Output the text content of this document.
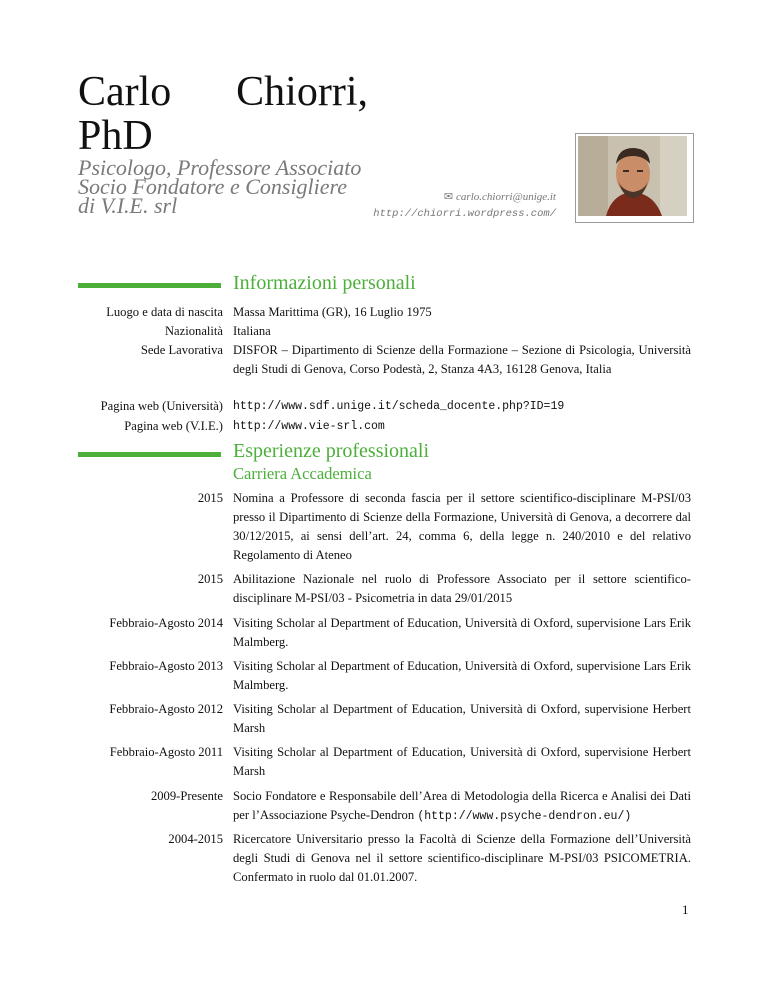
Carlo Chiorri,
PhD
Psicologo, Professore Associato
Socio Fondatore e Consigliere
di V.I.E. srl	✉ carlo.chiorri@unige.it
http://chiorri.wordpress.com/
Informazioni personali
Luogo e data di nascita Massa Marittima (GR), 16 Luglio 1975
Nazionalità Italiana
Sede Lavorativa DISFOR – Dipartimento di Scienze della Formazione – Sezione di Psicologia, Università degli Studi di Genova, Corso Podestà, 2, Stanza 4A3, 16128 Genova, Italia
Pagina web (Università) http://www.sdf.unige.it/scheda_docente.php?ID=19
Pagina web (V.I.E.) http://www.vie-srl.com
Esperienze professionali
Carriera Accademica
2015 Nomina a Professore di seconda fascia per il settore scientifico-disciplinare M-PSI/03 presso il Dipartimento di Scienze della Formazione, Università di Genova, a decorrere dal 30/12/2015, ai sensi dell’art. 24, comma 6, della legge n. 240/2010 e del relativo Regolamento di Ateneo
2015 Abilitazione Nazionale nel ruolo di Professore Associato per il settore scientifico-disciplinare M-PSI/03 - Psicometria in data 29/01/2015
Febbraio-Agosto 2014 Visiting Scholar al Department of Education, Università di Oxford, supervisione Lars Erik Malmberg.
Febbraio-Agosto 2013 Visiting Scholar al Department of Education, Università di Oxford, supervisione Lars Erik Malmberg.
Febbraio-Agosto 2012 Visiting Scholar al Department of Education, Università di Oxford, supervisione Herbert Marsh
Febbraio-Agosto 2011 Visiting Scholar al Department of Education, Università di Oxford, supervisione Herbert Marsh
2009-Presente Socio Fondatore e Responsabile dell’Area di Metodologia della Ricerca e Analisi dei Dati per l’Associazione Psyche-Dendron (http://www.psyche-dendron.eu/)
2004-2015 Ricercatore Universitario presso la Facoltà di Scienze della Formazione dell’Università degli Studi di Genova nel il settore scientifico-disciplinare M-PSI/03 PSICOMETRIA. Confermato in ruolo dal 01.01.2007.
1
